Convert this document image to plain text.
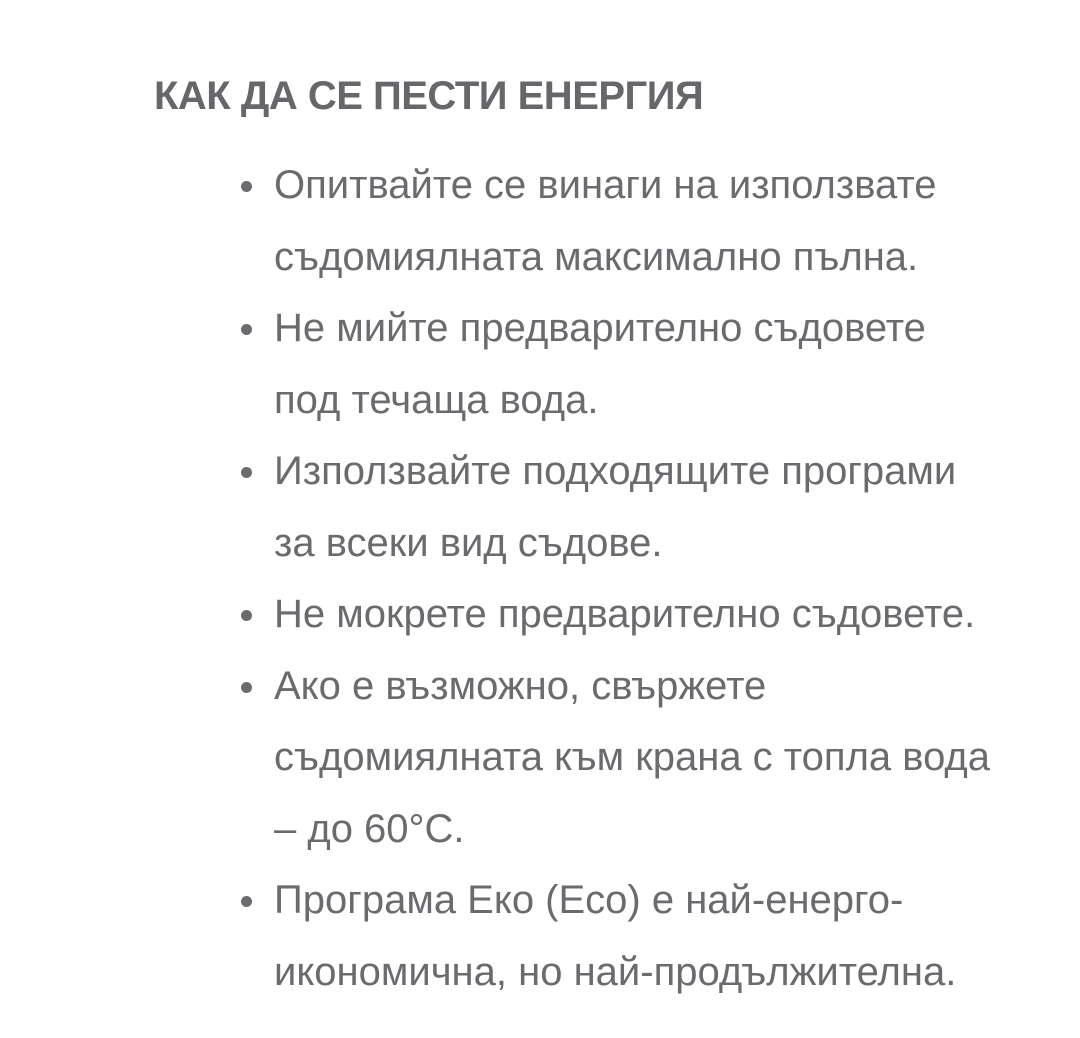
КАК ДА СЕ ПЕСТИ ЕНЕРГИЯ
Опитвайте се винаги на използвате
съдомиялната максимално пълна.
Не мийте предварително съдовете
под течаща вода.
Използвайте подходящите програми
за всеки вид съдове.
Не мокрете предварително съдовете.
Ако е възможно, свържете
съдомиялната към крана с топла вода
– до 60°C.
Програма Еко (Eco) е най-енерго-
икономична, но най-продължителна.
